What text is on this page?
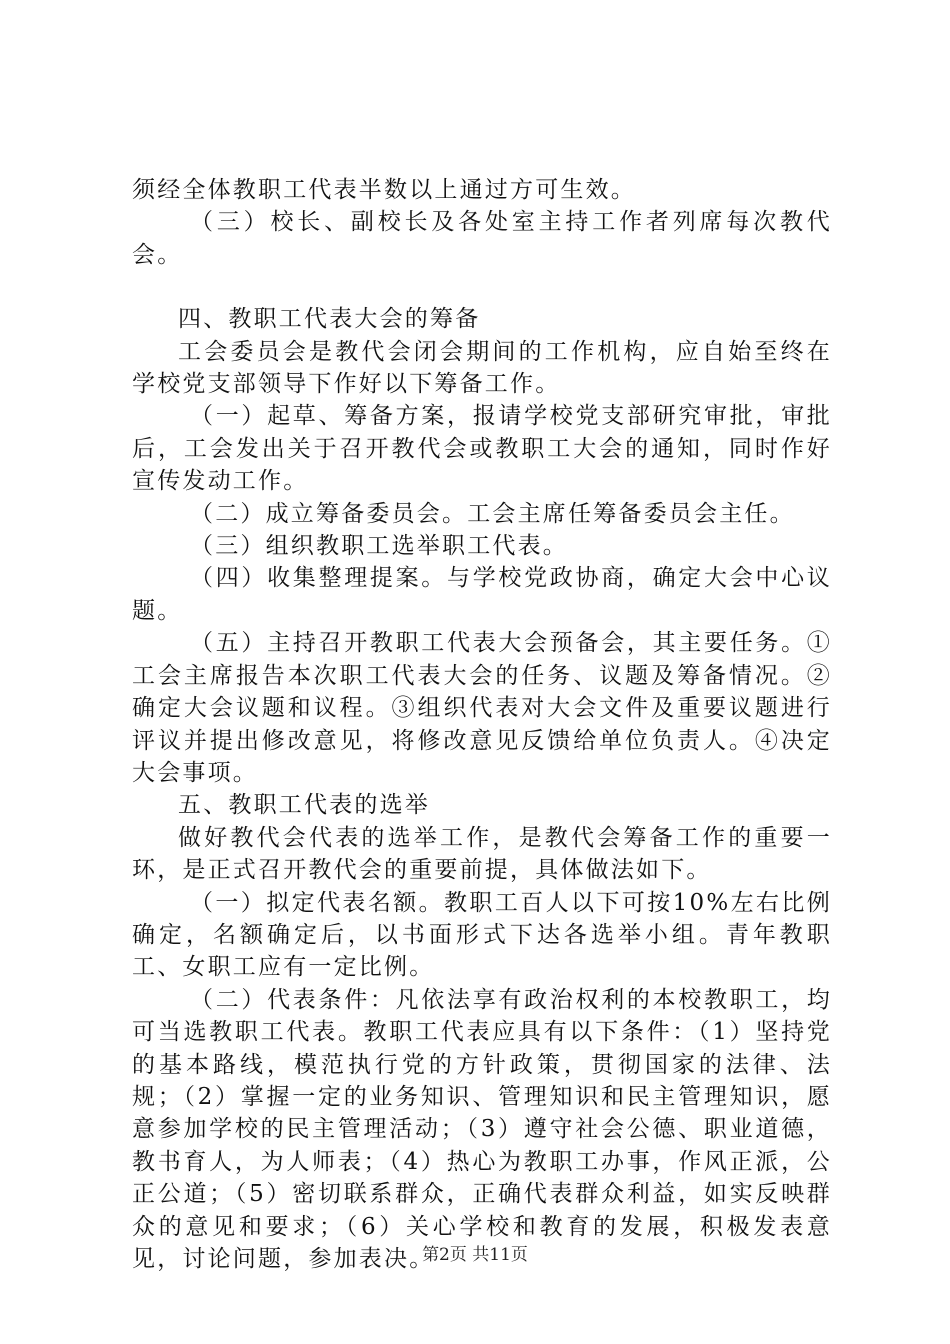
须经全体教职工代表半数以上通过方可生效。

（三）校长、副校长及各处室主持工作者列席每次教代会。

四、教职工代表大会的筹备

工会委员会是教代会闭会期间的工作机构，应自始至终在学校党支部领导下作好以下筹备工作。

（一）起草、筹备方案，报请学校党支部研究审批，审批后，工会发出关于召开教代会或教职工大会的通知，同时作好宣传发动工作。

（二）成立筹备委员会。工会主席任筹备委员会主任。

（三）组织教职工选举职工代表。

（四）收集整理提案。与学校党政协商，确定大会中心议题。

（五）主持召开教职工代表大会预备会，其主要任务。①工会主席报告本次职工代表大会的任务、议题及筹备情况。②确定大会议题和议程。③组织代表对大会文件及重要议题进行评议并提出修改意见，将修改意见反馈给单位负责人。④决定大会事项。

五、教职工代表的选举

做好教代会代表的选举工作，是教代会筹备工作的重要一环，是正式召开教代会的重要前提，具体做法如下。

（一）拟定代表名额。教职工百人以下可按10%左右比例确定，名额确定后，以书面形式下达各选举小组。青年教职工、女职工应有一定比例。

（二）代表条件：凡依法享有政治权利的本校教职工，均可当选教职工代表。教职工代表应具有以下条件：（1）坚持党的基本路线，模范执行党的方针政策，贯彻国家的法律、法规；（2）掌握一定的业务知识、管理知识和民主管理知识，愿意参加学校的民主管理活动；（3）遵守社会公德、职业道德，教书育人，为人师表；（4）热心为教职工办事，作风正派，公正公道；（5）密切联系群众，正确代表群众利益，如实反映群众的意见和要求；（6）关心学校和教育的发展，积极发表意见，讨论问题，参加表决。

第2页 共11页
